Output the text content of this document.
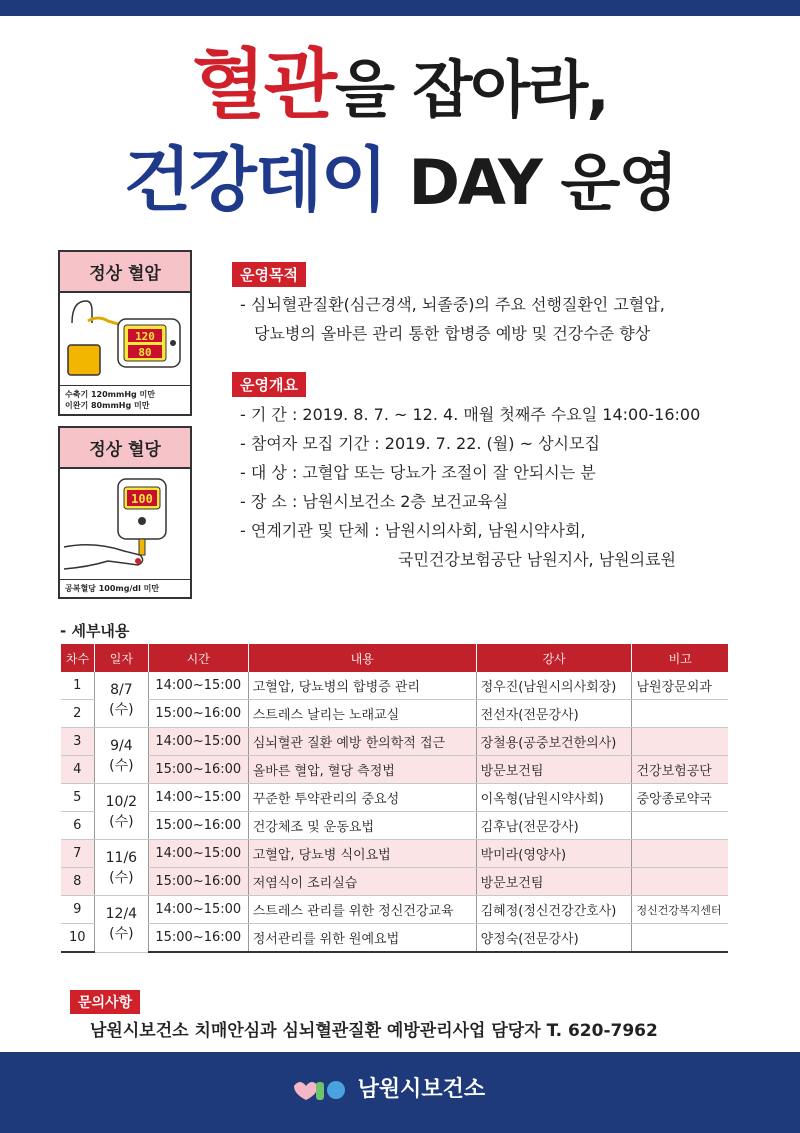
혈관을 잡아라,
건강데이 DAY 운영
정상 혈압
120
80
수축기 120mmHg 미만
이완기 80mmHg 미만
정상 혈당
100
공복혈당 100mg/dl 미만
운영목적
- 심뇌혈관질환(심근경색, 뇌졸중)의 주요 선행질환인 고혈압,
당뇨병의 올바른 관리 통한 합병증 예방 및 건강수준 향상
운영개요
- 기 간 : 2019. 8. 7. ~ 12. 4. 매월 첫째주 수요일 14:00-16:00
- 참여자 모집 기간 : 2019. 7. 22. (월) ~ 상시모집
- 대 상 : 고혈압 또는 당뇨가 조절이 잘 안되시는 분
- 장 소 : 남원시보건소 2층 보건교육실
- 연계기관 및 단체 : 남원시의사회, 남원시약사회,
국민건강보험공단 남원지사, 남원의료원
- 세부내용
차수	일자	시간	내용	강사	비고
1	8/7
(수)	14:00~15:00	고혈압, 당뇨병의 합병증 관리	정우진(남원시의사회장)	남원장문외과
2		15:00~16:00	스트레스 날리는 노래교실	전선자(전문강사)	
3	9/4
(수)	14:00~15:00	심뇌혈관 질환 예방 한의학적 접근	장철용(공중보건한의사)	
4		15:00~16:00	올바른 혈압, 혈당 측정법	방문보건팀	건강보험공단
5	10/2
(수)	14:00~15:00	꾸준한 투약관리의 중요성	이옥형(남원시약사회)	중앙종로약국
6		15:00~16:00	건강체조 및 운동요법	김후남(전문강사)	
7	11/6
(수)	14:00~15:00	고혈압, 당뇨병 식이요법	박미라(영양사)	
8		15:00~16:00	저염식이 조리실습	방문보건팀	
9	12/4
(수)	14:00~15:00	스트레스 관리를 위한 정신건강교육	김혜정(정신건강간호사)	정신건강복지센터
10		15:00~16:00	정서관리를 위한 원예요법	양정숙(전문강사)	
문의사항
남원시보건소 치매안심과 심뇌혈관질환 예방관리사업 담당자 T. 620-7962
남원시보건소
